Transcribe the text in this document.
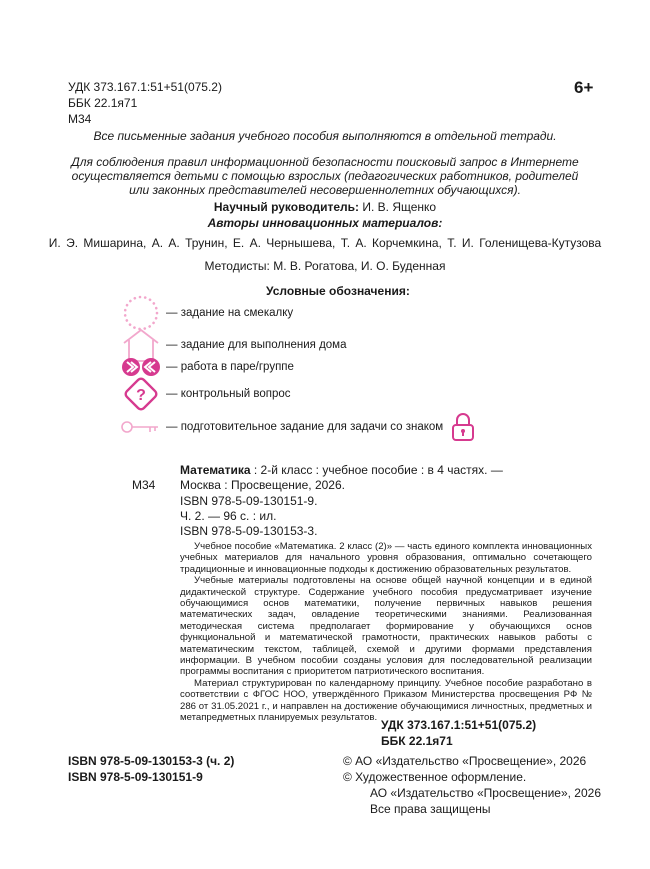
УДК 373.167.1:51+51(075.2)
ББК 22.1я71
М34
6+
Все письменные задания учебного пособия выполняются в отдельной тетради.
Для соблюдения правил информационной безопасности поисковый запрос в Интернете
осуществляется детьми с помощью взрослых (педагогических работников, родителей
или законных представителей несовершеннолетних обучающихся).
Научный руководитель: И. В. Ященко
Авторы инновационных материалов:
И. Э. Мишарина, А. А. Трунин, Е. А. Чернышева, Т. А. Корчемкина, Т. И. Голенищева-Кутузова
Методисты: М. В. Рогатова, И. О. Буденная
Условные обозначения:
— задание на смекалку
— задание для выполнения дома
— работа в паре/группе
? — контрольный вопрос
— подготовительное задание для задачи со знаком
Математика : 2-й класс : учебное пособие : в 4 частях. —
М34 Москва : Просвещение, 2026.
ISBN 978-5-09-130151-9.
Ч. 2. — 96 с. : ил.
ISBN 978-5-09-130153-3.

Учебное пособие «Математика. 2 класс (2)» — часть единого комплекта инновационных учебных материалов для начального уровня образования, оптимально сочетающего традиционные и инновационные подходы к достижению образовательных результатов.

Учебные материалы подготовлены на основе общей научной концепции и в единой дидактической структуре. Содержание учебного пособия предусматривает изучение обучающимися основ математики, получение первичных навыков решения математических задач, овладение теоретическими знаниями. Реализованная методическая система предполагает формирование у обучающихся основ функциональной и математической грамотности, практических навыков работы с математическим текстом, таблицей, схемой и другими формами представления информации. В учебном пособии созданы условия для последовательной реализации программы воспитания с приоритетом патриотического воспитания.

Материал структурирован по календарному принципу. Учебное пособие разработано в соответствии с ФГОС НОО, утверждённого Приказом Министерства просвещения РФ № 286 от 31.05.2021 г., и направлен на достижение обучающимися личностных, предметных и метапредметных планируемых результатов.

УДК 373.167.1:51+51(075.2)
ББК 22.1я71
ISBN 978-5-09-130153-3 (ч. 2)
ISBN 978-5-09-130151-9
© АО «Издательство «Просвещение», 2026
© Художественное оформление.
АО «Издательство «Просвещение», 2026
Все права защищены
